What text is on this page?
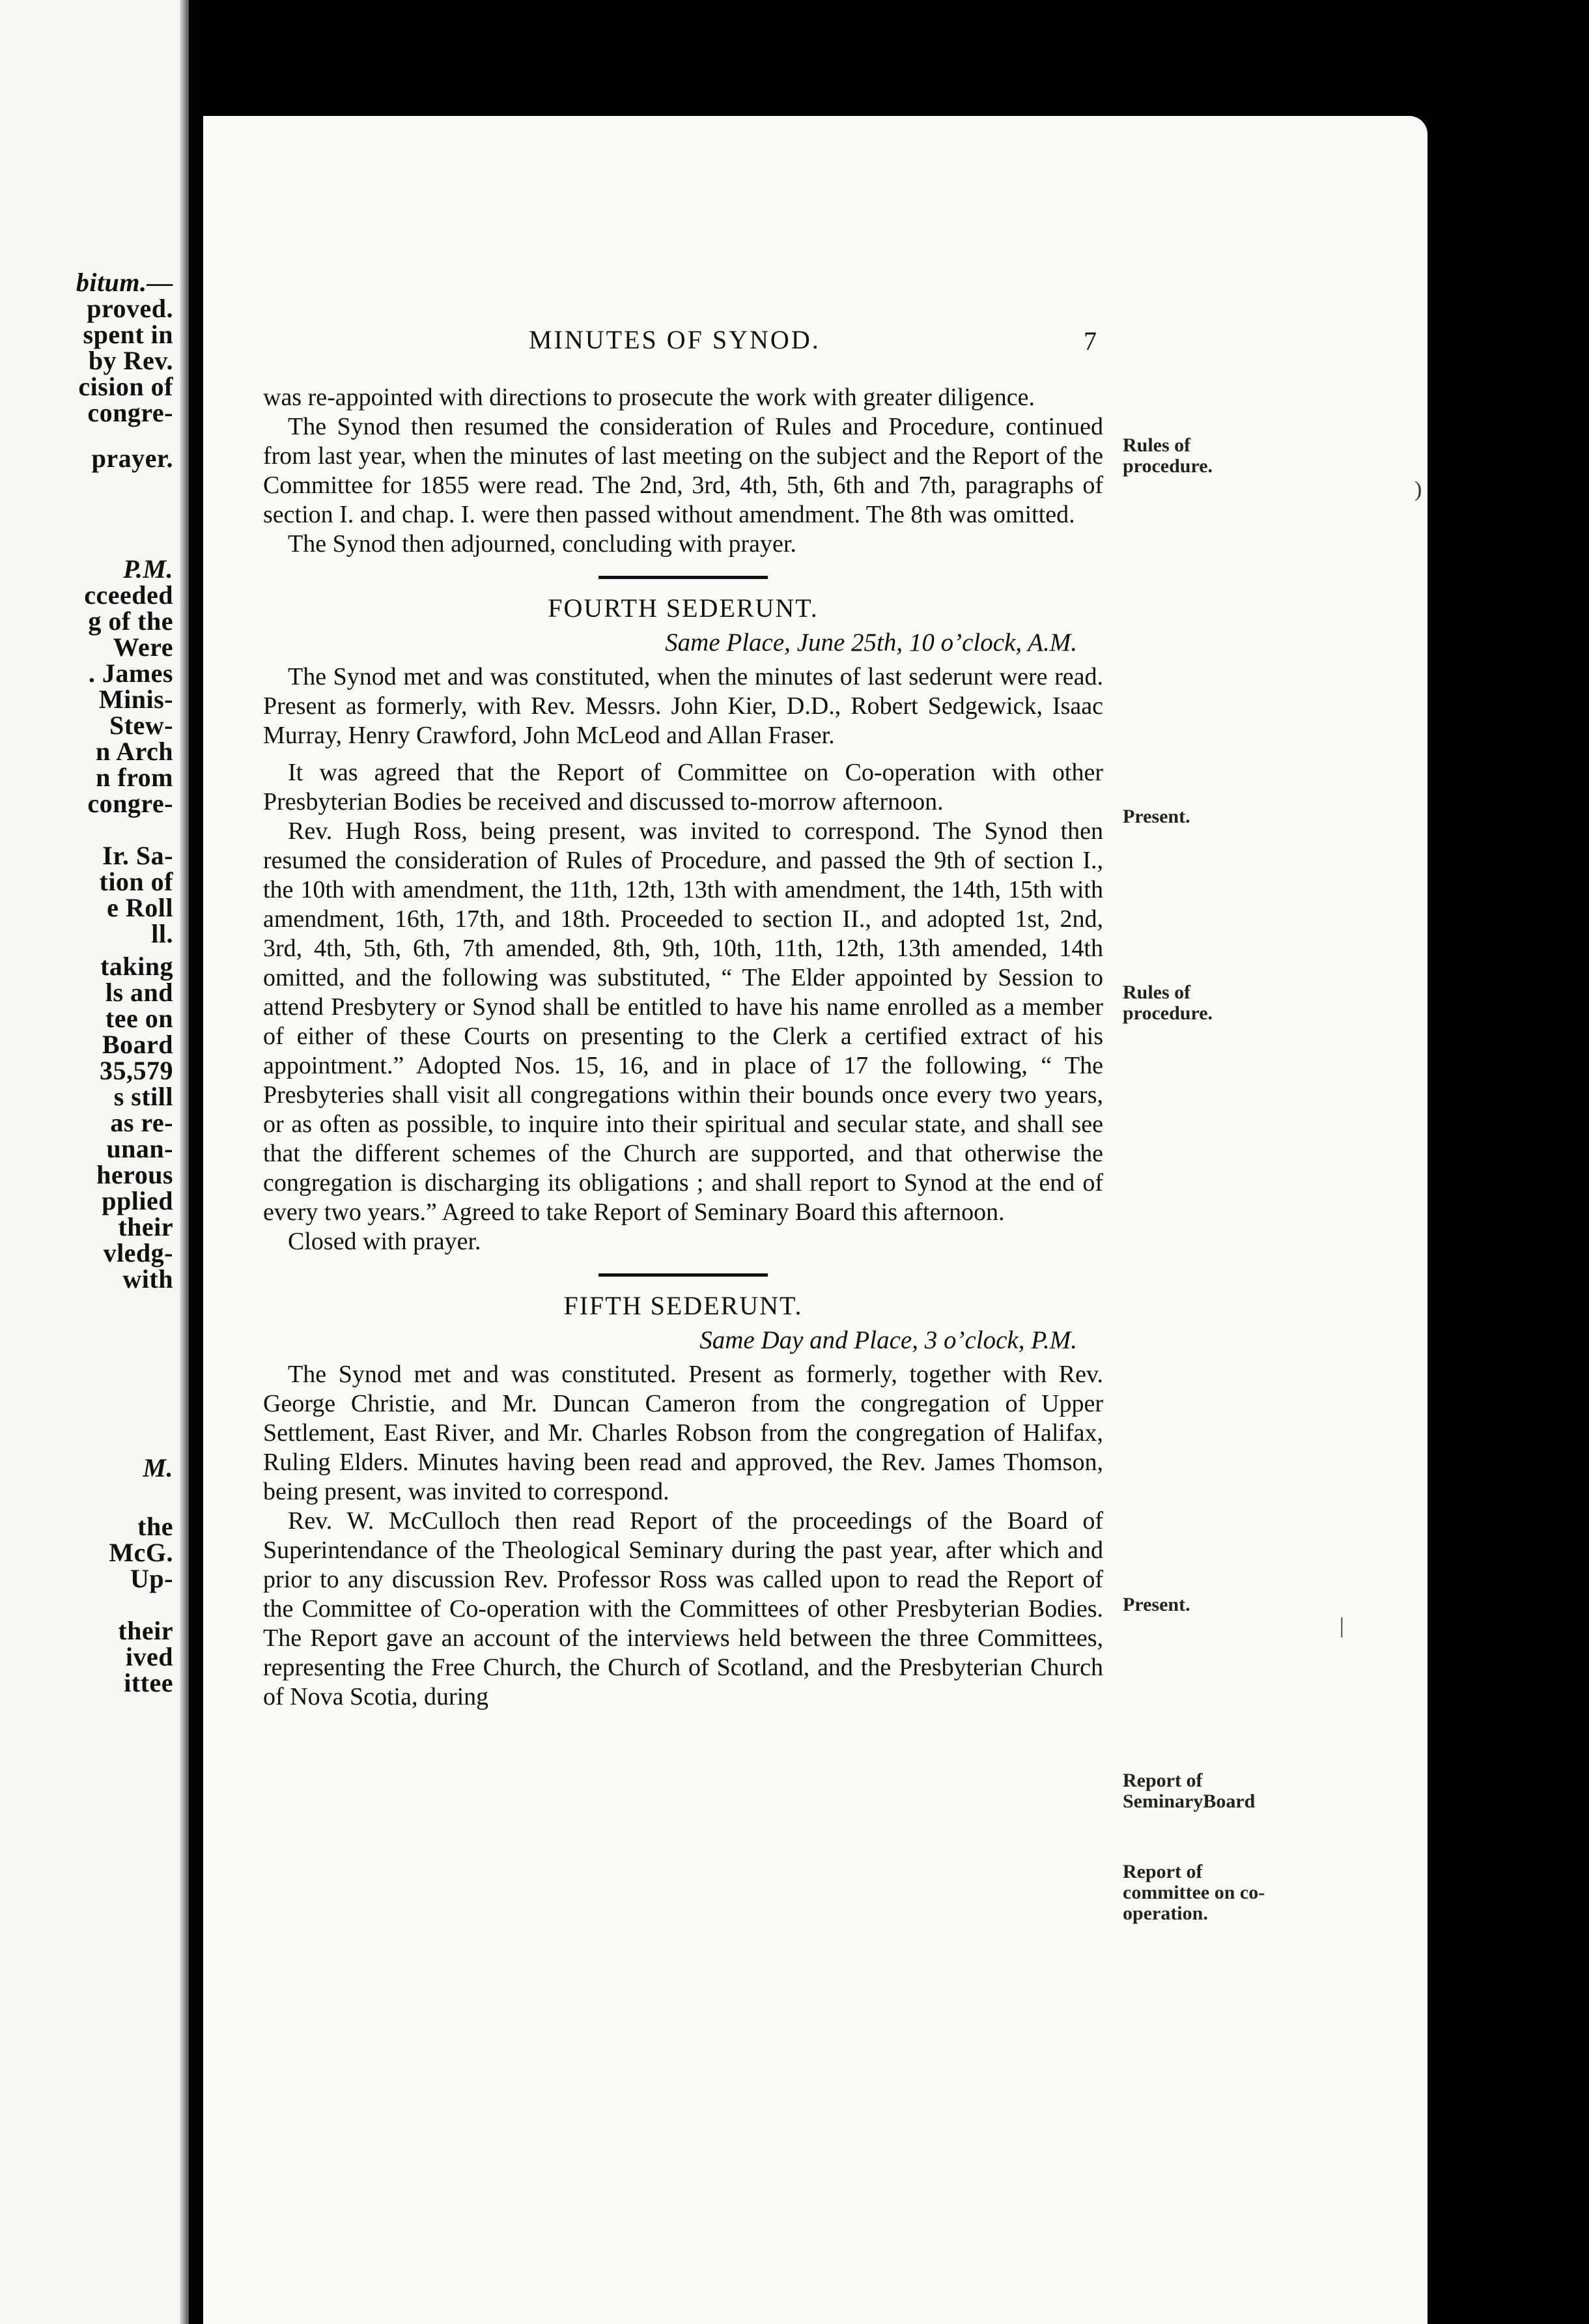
bitum.—
proved.
spent in
by Rev.
cision of
congre-
prayer.
P.M.
cceeded
g of the
Were
. James
Minis-
Stew-
n Arch
n from
congre-
Ir. Sa-
tion of
e Roll
ll.
taking
ls and
tee on
Board
35,579
s still
as re-
unan-
herous
pplied
their
vledg-
with
M.
the
McG.
Up-
their
ived
ittee
MINUTES OF SYNOD.	7

was re-appointed with directions to prosecute the work with greater diligence.

The Synod then resumed the consideration of Rules and Procedure, continued from last year, when the minutes of last meeting on the subject and the Report of the Committee for 1855 were read. The 2nd, 3rd, 4th, 5th, 6th and 7th, paragraphs of section I. and chap. I. were then passed without amendment. The 8th was omitted.

The Synod then adjourned, concluding with prayer.

FOURTH SEDERUNT.
Same Place, June 25th, 10 o’clock, A.M.

The Synod met and was constituted, when the minutes of last sederunt were read. Present as formerly, with Rev. Messrs. John Kier, D.D., Robert Sedgewick, Isaac Murray, Henry Crawford, John McLeod and Allan Fraser.

It was agreed that the Report of Committee on Co-operation with other Presbyterian Bodies be received and discussed to-morrow afternoon.

Rev. Hugh Ross, being present, was invited to correspond. The Synod then resumed the consideration of Rules of Procedure, and passed the 9th of section I., the 10th with amendment, the 11th, 12th, 13th with amendment, the 14th, 15th with amendment, 16th, 17th, and 18th. Proceeded to section II., and adopted 1st, 2nd, 3rd, 4th, 5th, 6th, 7th amended, 8th, 9th, 10th, 11th, 12th, 13th amended, 14th omitted, and the following was substituted, “ The Elder appointed by Session to attend Presbytery or Synod shall be entitled to have his name enrolled as a member of either of these Courts on presenting to the Clerk a certified extract of his appointment.” Adopted Nos. 15, 16, and in place of 17 the following, “ The Presbyteries shall visit all congregations within their bounds once every two years, or as often as possible, to inquire into their spiritual and secular state, and shall see that the different schemes of the Church are supported, and that otherwise the congregation is discharging its obligations ; and shall report to Synod at the end of every two years.” Agreed to take Report of Seminary Board this afternoon.

Closed with prayer.

FIFTH SEDERUNT.
Same Day and Place, 3 o’clock, P.M.

The Synod met and was constituted. Present as formerly, together with Rev. George Christie, and Mr. Duncan Cameron from the congregation of Upper Settlement, East River, and Mr. Charles Robson from the congregation of Halifax, Ruling Elders. Minutes having been read and approved, the Rev. James Thomson, being present, was invited to correspond.

Rev. W. McCulloch then read Report of the proceedings of the Board of Superintendance of the Theological Seminary during the past year, after which and prior to any discussion Rev. Professor Ross was called upon to read the Report of the Committee of Co-operation with the Committees of other Presbyterian Bodies. The Report gave an account of the interviews held between the three Committees, representing the Free Church, the Church of Scotland, and the Presbyterian Church of Nova Scotia, during

Rules of procedure.
Present.
Rules of procedure.
Present.
Report of SeminaryBoard
Report of committee on co-operation.
)
|
